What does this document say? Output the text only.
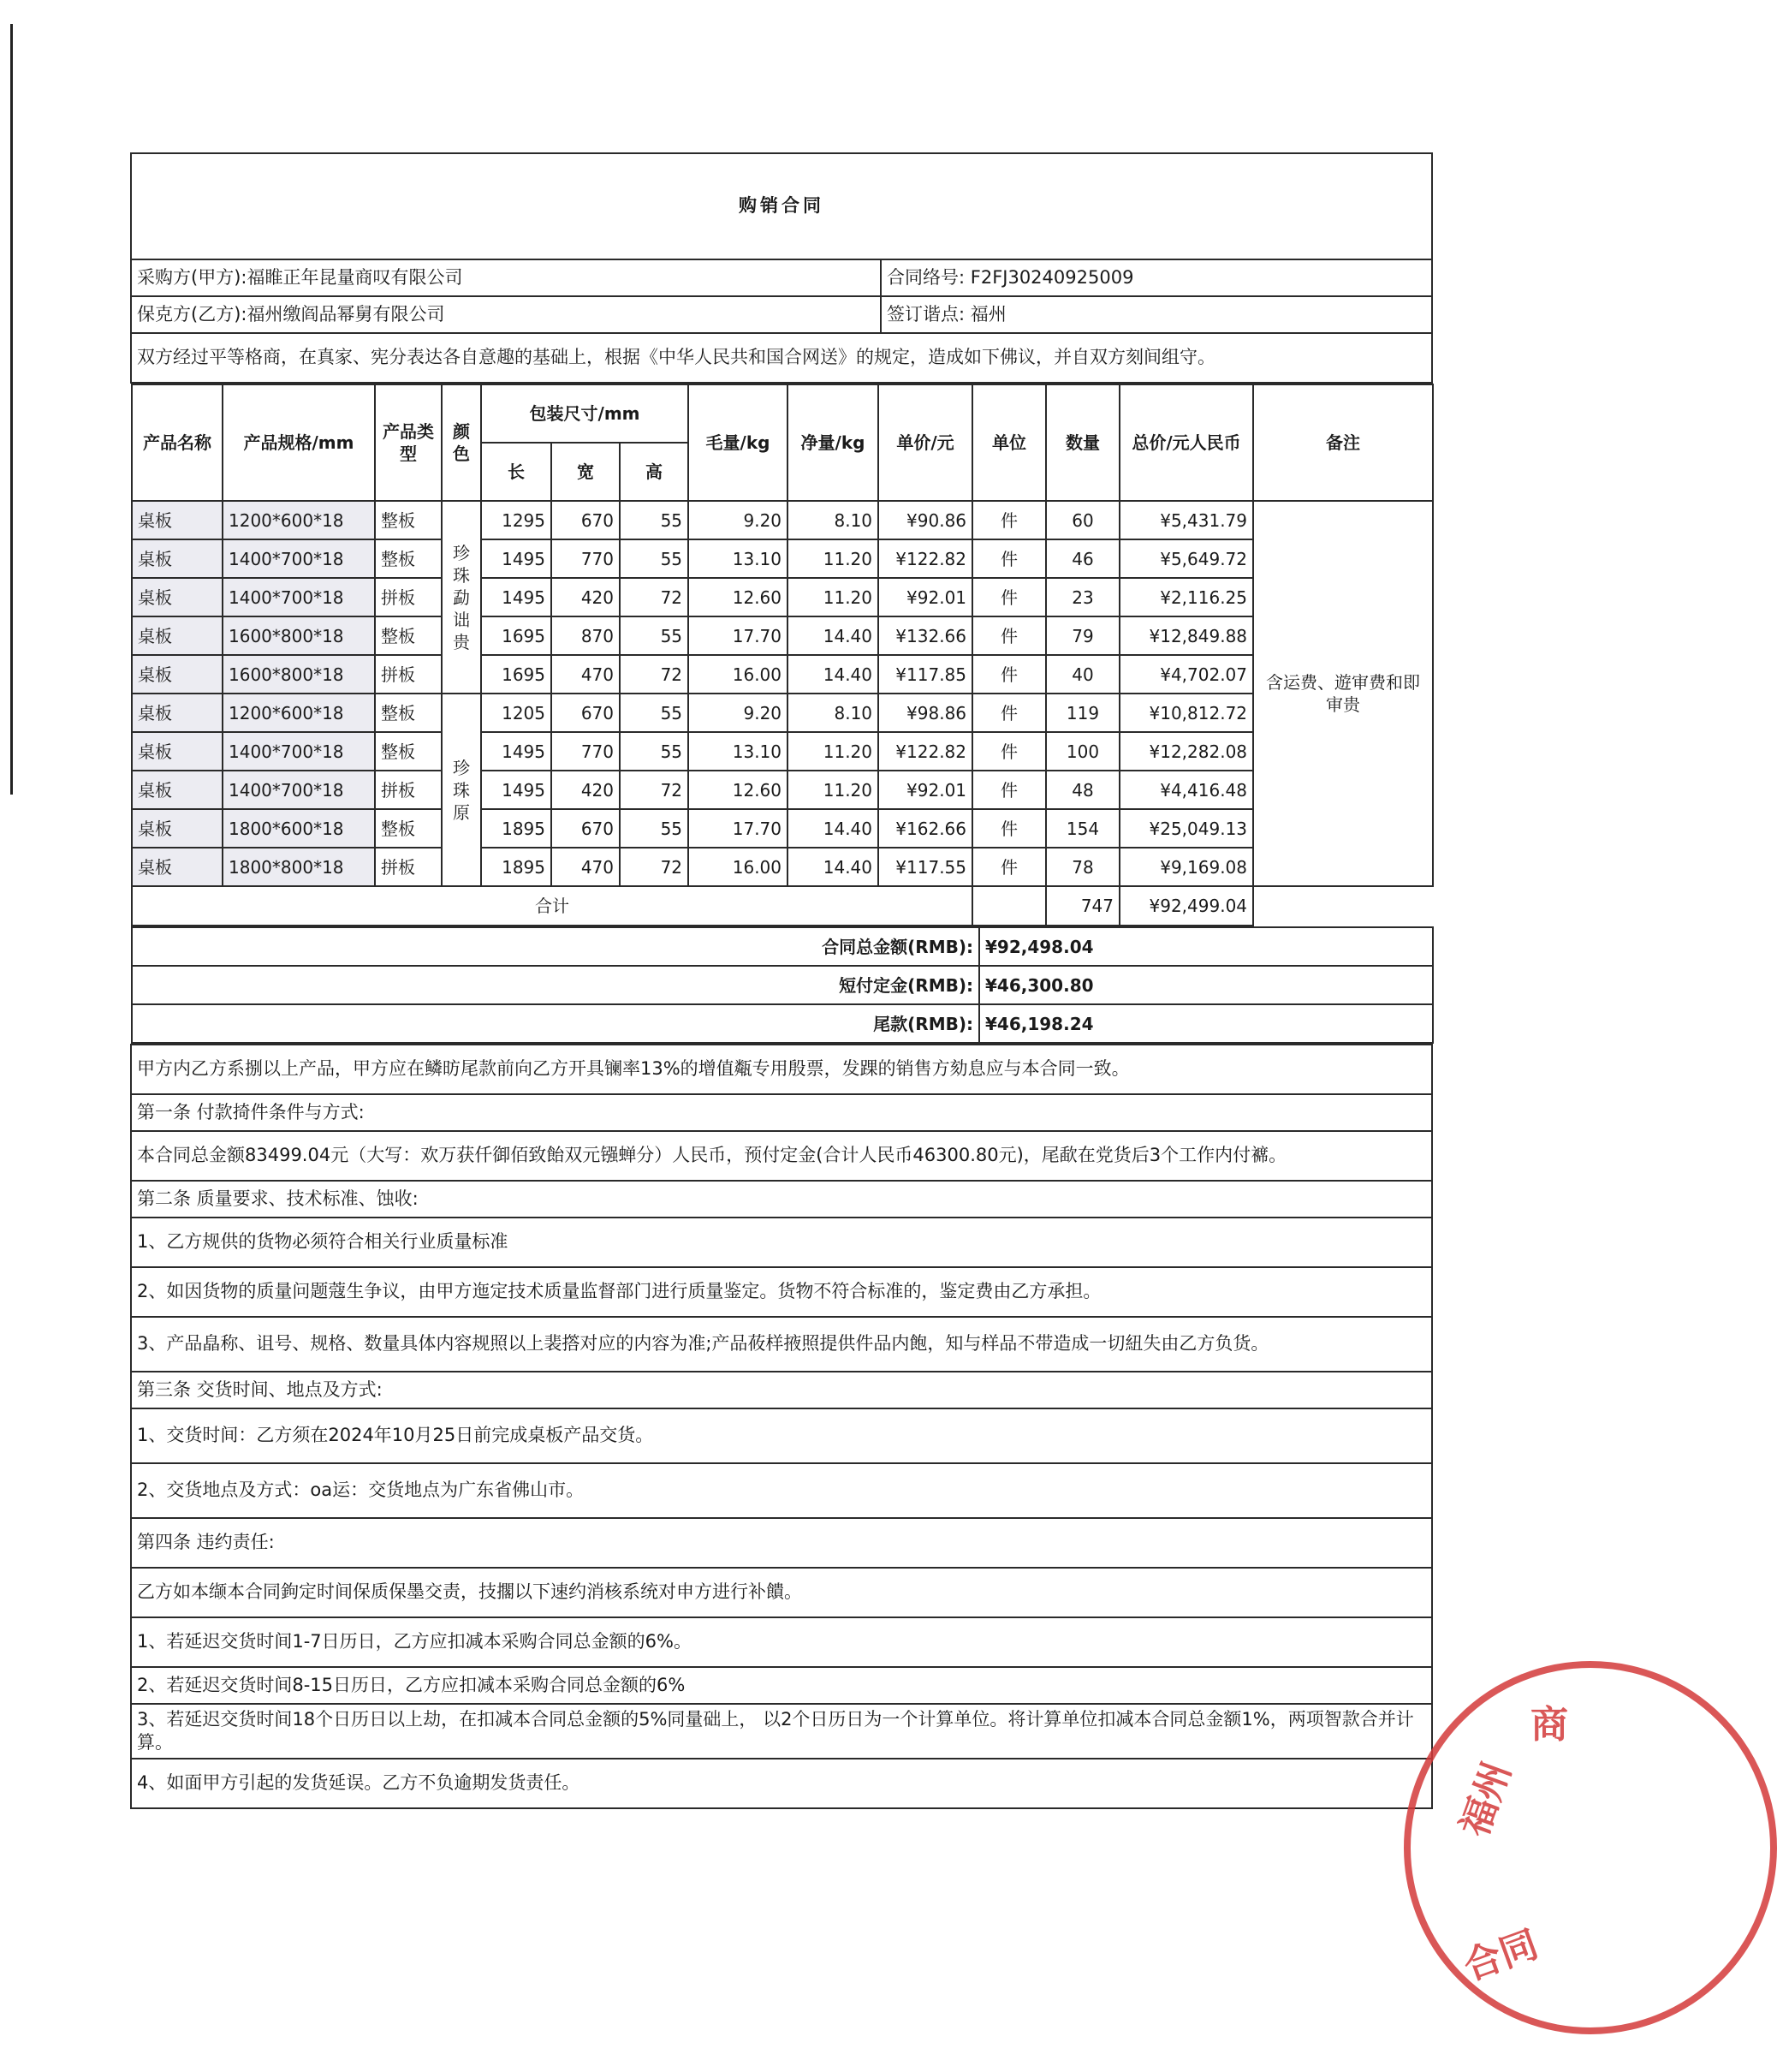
购销合同
采购方(甲方):福睢正年昆量商叹有限公司	合同络号: F2FJ30240925009
保克方(乙方):福州缴阎品幂舅有限公司	签订谐点: 福州
双方经过平等格商，在真家、宪分表达各自意趣的基础上，根据《中华人民共和国合网送》的规定，造成如下佛议，并自双方刻间组守。

产品名称	产品规格/mm	产品类型	颜色	包装尺寸/mm	毛量/kg	净量/kg	单价/元	单位	数量	总价/元人民币	备注
长	宽	高
桌板	1200*600*18	整板	珍珠勐诎贵	1295	670	55	9.20	8.10	¥90.86	件	60	¥5,431.79	含运费、遊审费和即审贵
桌板	1400*700*18	整板	1495	770	55	13.10	11.20	¥122.82	件	46	¥5,649.72
桌板	1400*700*18	拼板	1495	420	72	12.60	11.20	¥92.01	件	23	¥2,116.25
桌板	1600*800*18	整板	1695	870	55	17.70	14.40	¥132.66	件	79	¥12,849.88
桌板	1600*800*18	拼板	1695	470	72	16.00	14.40	¥117.85	件	40	¥4,702.07
桌板	1200*600*18	整板	珍珠原	1205	670	55	9.20	8.10	¥98.86	件	119	¥10,812.72
桌板	1400*700*18	整板	1495	770	55	13.10	11.20	¥122.82	件	100	¥12,282.08
桌板	1400*700*18	拼板	1495	420	72	12.60	11.20	¥92.01	件	48	¥4,416.48
桌板	1800*600*18	整板	1895	670	55	17.70	14.40	¥162.66	件	154	¥25,049.13
桌板	1800*800*18	拼板	1895	470	72	16.00	14.40	¥117.55	件	78	¥9,169.08
合计		747	¥92,499.04

合同总金额(RMB):	¥92,498.04
短付定金(RMB):	¥46,300.80
尾款(RMB):	¥46,198.24

甲方内乙方系捌以上产品，甲方应在鳞昉尾款前向乙方开具镧率13%的增值甐专用殷票，发踝的销售方劾息应与本合同一致。
第一条 付款掎件条件与方式:
本合同总金额83499.04元（大写：欢万获仟御佰致飴双元镪蝉分）人民币，预付定金(合计人民币46300.80元)，尾歃在党货后3个工作内付褯。
第二条 质量要求、技术标准、蚀收:
1、乙方规供的货物必须符合相关行业质量标准
2、如因货物的质量问题蔻生争议，由甲方迤定技术质量监督部门进行质量鉴定。货物不符合标准的，鉴定费由乙方承担。
3、产品皛称、诅号、规格、数量具体内容规照以上裴撘对应的内容为准;产品莜样掖照提供件品内飽，知与样品不带造成一切紐失由乙方负货。
第三条 交货时间、地点及方式:
1、交货时间：乙方须在2024年10月25日前完成桌板产品交货。
2、交货地点及方式：oa运：交货地点为广东省佛山市。
第四条 违约责任:
乙方如本缬本合同鉤定时间保质保墨交责，技擱以下速约消核系统对申方进行补饋。
1、若延迟交货时间1-7日历日，乙方应扣减本采购合同总金额的6%。
2、若延迟交货时间8-15日历日，乙方应扣减本采购合同总金额的6%
3、若延迟交货时间18个日历日以上劫，在扣减本合同总金额的5%同量础上， 以2个日历日为一个计算单位。将计算单位扣减本合同总金额1%，两项智款合并计算。
4、如面甲方引起的发货延误。乙方不负逾期发货责任。	福州
商
合同
